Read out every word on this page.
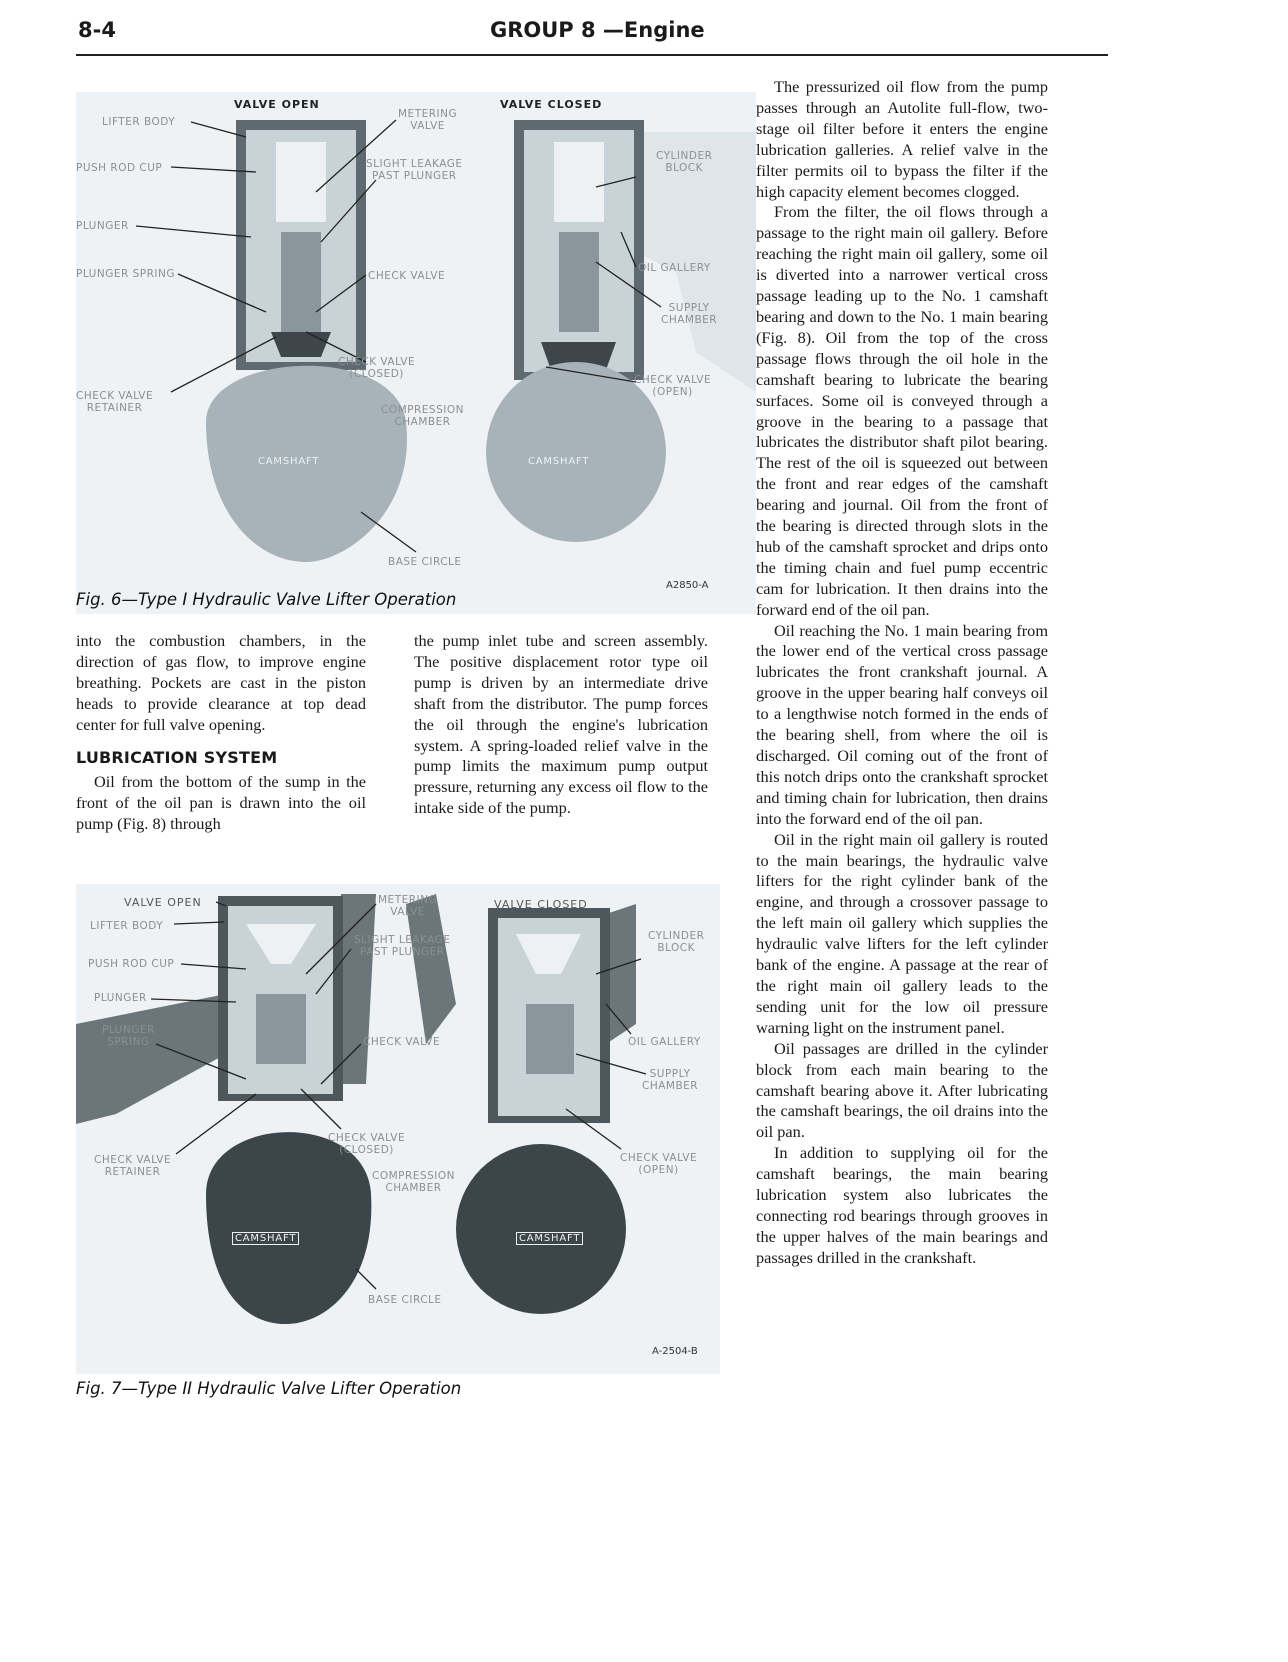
8-4	GROUP 8 —Engine
VALVE OPEN	VALVE CLOSED
LIFTER BODY
PUSH ROD CUP
PLUNGER
PLUNGER SPRING
CHECK VALVE
RETAINER
METERING
VALVE
SLIGHT LEAKAGE
PAST PLUNGER
CHECK VALVE
CHECK VALVE
(CLOSED)
COMPRESSION
CHAMBER
CAMSHAFT	CAMSHAFT
BASE CIRCLE
CYLINDER
BLOCK
OIL GALLERY
SUPPLY
CHAMBER
CHECK VALVE
(OPEN)
A2850-A
Fig. 6—Type I Hydraulic Valve Lifter Operation

into the combustion chambers, in the direction of gas flow, to improve engine breathing. Pockets are cast in the piston heads to provide clearance at top dead center for full valve opening.

LUBRICATION SYSTEM

Oil from the bottom of the sump in the front of the oil pan is drawn into the oil pump (Fig. 8) through

the pump inlet tube and screen assembly. The positive displacement rotor type oil pump is driven by an intermediate drive shaft from the distributor. The pump forces the oil through the engine's lubrication system. A spring-loaded relief valve in the pump limits the maximum pump output pressure, returning any excess oil flow to the intake side of the pump.

The pressurized oil flow from the pump passes through an Autolite full-flow, two-stage oil filter before it enters the engine lubrication galleries. A relief valve in the filter permits oil to bypass the filter if the high capacity element becomes clogged.

From the filter, the oil flows through a passage to the right main oil gallery. Before reaching the right main oil gallery, some oil is diverted into a narrower vertical cross passage leading up to the No. 1 camshaft bearing and down to the No. 1 main bearing (Fig. 8). Oil from the top of the cross passage flows through the oil hole in the camshaft bearing to lubricate the bearing surfaces. Some oil is conveyed through a groove in the bearing to a passage that lubricates the distributor shaft pilot bearing. The rest of the oil is squeezed out between the front and rear edges of the camshaft bearing and journal. Oil from the front of the bearing is directed through slots in the hub of the camshaft sprocket and drips onto the timing chain and fuel pump eccentric cam for lubrication. It then drains into the forward end of the oil pan.

Oil reaching the No. 1 main bearing from the lower end of the vertical cross passage lubricates the front crankshaft journal. A groove in the upper bearing half conveys oil to a lengthwise notch formed in the ends of the bearing shell, from where the oil is discharged. Oil coming out of the front of this notch drips onto the crankshaft sprocket and timing chain for lubrication, then drains into the forward end of the oil pan.

Oil in the right main oil gallery is routed to the main bearings, the hydraulic valve lifters for the right cylinder bank of the engine, and through a crossover passage to the left main oil gallery which supplies the hydraulic valve lifters for the left cylinder bank of the engine. A passage at the rear of the right main oil gallery leads to the sending unit for the low oil pressure warning light on the instrument panel.

Oil passages are drilled in the cylinder block from each main bearing to the camshaft bearing above it. After lubricating the camshaft bearings, the oil drains into the oil pan.

In addition to supplying oil for the camshaft bearings, the main bearing lubrication system also lubricates the connecting rod bearings through grooves in the upper halves of the main bearings and passages drilled in the crankshaft.

VALVE OPEN	VALVE CLOSED
LIFTER BODY
PUSH ROD CUP
PLUNGER
PLUNGER
SPRING
CHECK VALVE
RETAINER
METERING
VALVE
SLIGHT LEAKAGE
PAST PLUNGER
CHECK VALVE
CHECK VALVE
(CLOSED)
COMPRESSION
CHAMBER
CAMSHAFT	CAMSHAFT
BASE CIRCLE
CYLINDER
BLOCK
OIL GALLERY
SUPPLY
CHAMBER
CHECK VALVE
(OPEN)
A-2504-B
Fig. 7—Type II Hydraulic Valve Lifter Operation
